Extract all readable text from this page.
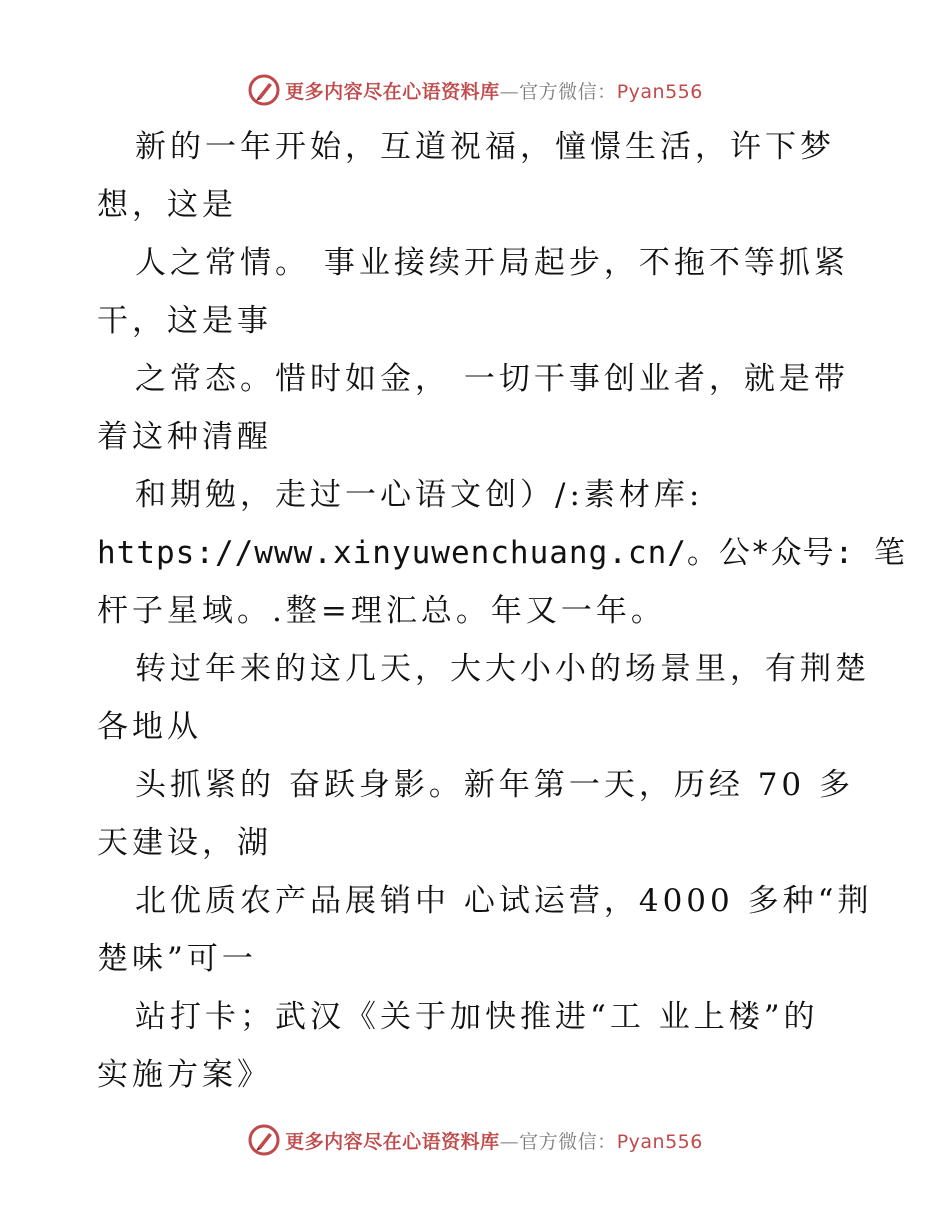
更多内容尽在心语资料库—官方微信：Pyan556
新的一年开始，互道祝福，憧憬生活，许下梦
想，这是
人之常情。 事业接续开局起步，不拖不等抓紧
干，这是事
之常态。惜时如金， 一切干事创业者，就是带
着这种清醒
和期勉，走过一心语文创）/:素材库:
https://www.xinyuwenchuang.cn/。公*众号: 笔
杆子星域。.整=理汇总。年又一年。
转过年来的这几天，大大小小的场景里，有荆楚
各地从
头抓紧的 奋跃身影。新年第一天，历经 70 多
天建设，湖
北优质农产品展销中 心试运营，4000 多种“荆
楚味”可一
站打卡；武汉《关于加快推进“工 业上楼”的
实施方案》
更多内容尽在心语资料库—官方微信：Pyan556
